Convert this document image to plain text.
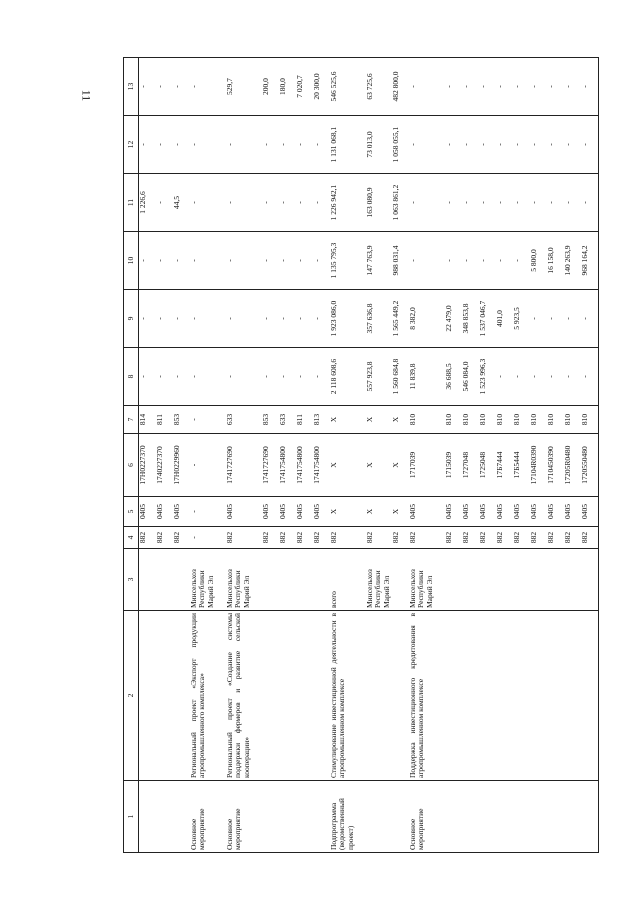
11
1	2	3	4	5	6	7	8	9	10	11	12	13
			882	0405	17Н0227370	814	-	-	-	1 226,6	-	-
			882	0405	1740227370	811	-	-	-	-	-	-
			882	0405	17Н0229960	853	-	-	-	44,5	-	-
Основное мероприятие	Региональный проект «Экспорт продукции агропромышленного комплекса»	Минсельхоз Республики Марий Эл	-	-	-	-	-	-	-	-	-	-
Основное мероприятие	Региональный проект «Создание системы поддержки фермеров и развитие сельской кооперации»	Минсельхоз Республики Марий Эл	882	0405	1741727690	633	-	-	-	-	-	529,7
			882	0405	1741727690	853	-	-	-	-	-	200,0
			882	0405	1741754800	633	-	-	-	-	-	180,0
			882	0405	1741754800	811	-	-	-	-	-	7 020,7
			882	0405	1741754800	813	-	-	-	-	-	20 300,0
Подпрограмма (ведомственный проект)	Стимулирование инвестиционной деятельности в агропромышленном комплексе	всего	882	X	X	X	2 118 608,6	1 923 086,0	1 135 795,3	1 226 942,1	1 131 068,1	546 525,6
		Минсельхоз Республики Марий Эл	882	X	X	X	557 923,8	357 636,8	147 763,9	163 080,9	73 013,0	63 725,6
			882	X	X	X	1 560 684,8	1 565 449,2	988 031,4	1 063 861,2	1 058 055,1	482 800,0
Основное мероприятие	Поддержка инвестиционного кредитования в агропромышленном комплексе	Минсельхоз Республики Марий Эл	882	0405	1717039	810	11 839,8	8 382,0	-	-	-	-
			882	0405	1715039	810	36 688,5	22 479,0	-	-	-	-
			882	0405	1727048	810	546 084,0	348 853,8	-	-	-	-
			882	0405	1725048	810	1 523 996,3	1 537 046,7	-	-	-	-
			882	0405	17Б7444	810	-	401,0	-	-	-	-
			882	0405	17Б5444	810	-	5 923,5	-	-	-	-
			882	0405	17104R0390	810	-	-	5 800,0	-	-	-
			882	0405	1710450390	810	-	-	16 158,0	-	-	-
			882	0405	17205R0480	810	-	-	140 263,9	-	-	-
			882	0405	1720550480	810	-	-	968 164,2	-	-	-
